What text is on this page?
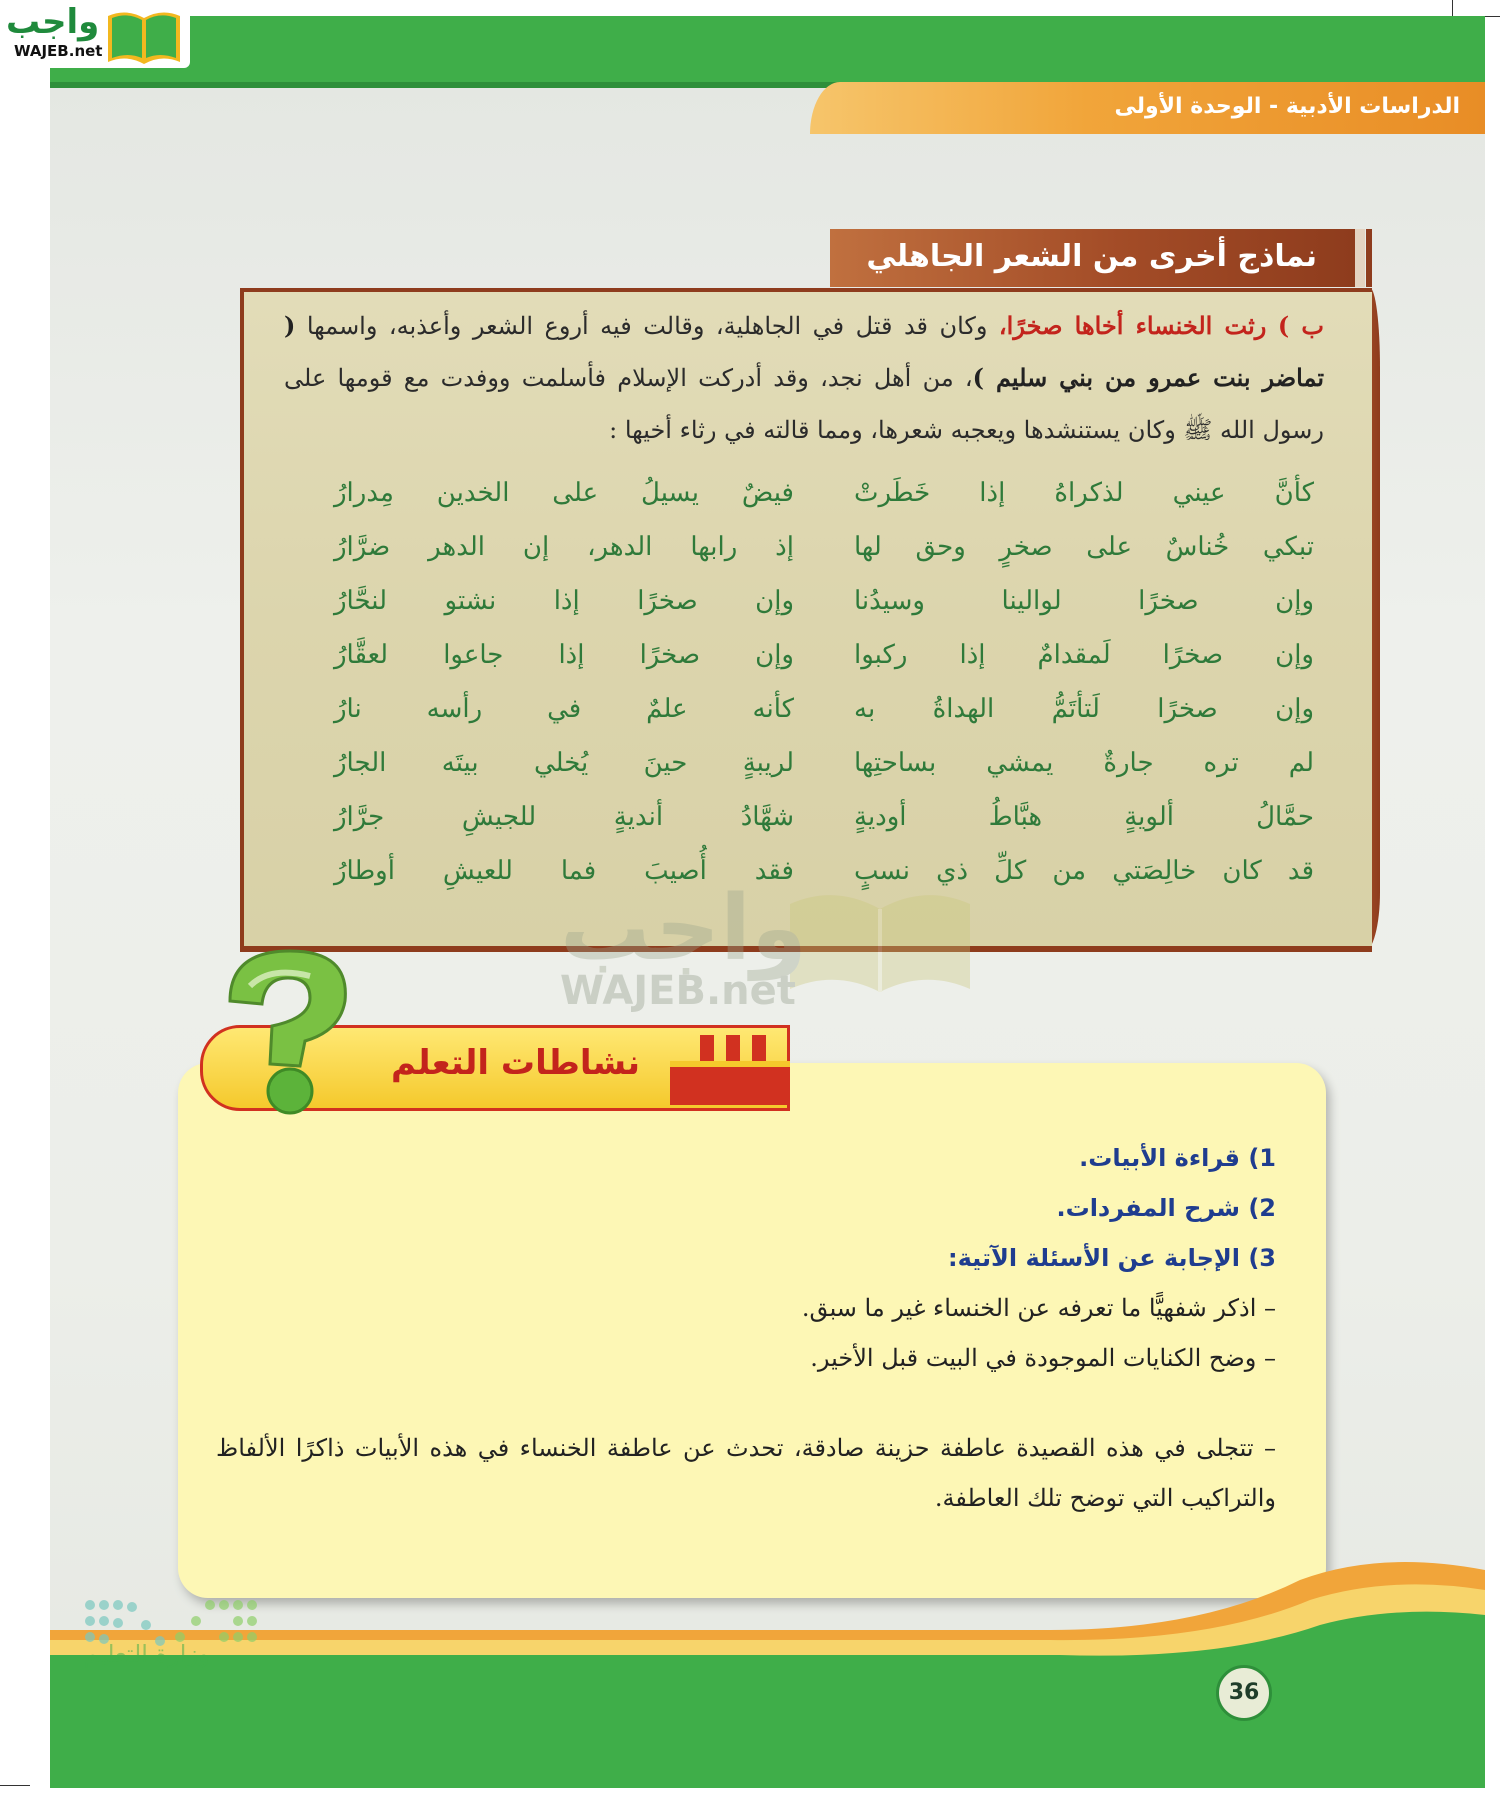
الدراسات الأدبية - الوحدة الأولى
نماذج أخرى من الشعر الجاهلي
ب ) رثت الخنساء أخاها صخرًا، وكان قد قتل في الجاهلية، وقالت فيه أروع الشعر وأعذبه، واسمها ( تماضر بنت عمرو من بني سليم )، من أهل نجد، وقد أدركت الإسلام فأسلمت ووفدت مع قومها على رسول الله ﷺ وكان يستنشدها ويعجبه شعرها، ومما قالته في رثاء أخيها :
كأنَّ عيني لذكراهُ إذا خَطَرتْ
فيضٌ يسيلُ على الخدين مِدرارُ
تبكي خُناسٌ على صخرٍ وحق لها
إذ رابها الدهر، إن الدهر ضرَّارُ
وإن صخرًا لوالينا وسيدُنا
وإن صخرًا إذا نشتو لنحَّارُ
وإن صخرًا لَمقدامٌ إذا ركبوا
وإن صخرًا إذا جاعوا لعقَّارُ
وإن صخرًا لَتأتَمُّ الهداةُ به
كأنه علمٌ في رأسه نارُ
لم تره جارةٌ يمشي بساحتِها
لريبةٍ حينَ يُخلي بيتَه الجارُ
حمَّالُ ألويةٍ هبَّاطُ أوديةٍ
شهَّادُ أنديةٍ للجيشِ جرَّارُ
قد كان خالِصَتي من كلِّ ذي نسبٍ
فقد أُصيبَ فما للعيشِ أوطارُ
واجب
WAJEB.net
واجب
WAJEB.net
1) قراءة الأبيات.
2) شرح المفردات.
3) الإجابة عن الأسئلة الآتية:
– اذكر شفهيًّا ما تعرفه عن الخنساء غير ما سبق.
– وضح الكنايات الموجودة في البيت قبل الأخير.
– تتجلى في هذه القصيدة عاطفة حزينة صادقة، تحدث عن عاطفة الخنساء في هذه الأبيات ذاكرًا الألفاظ والتراكيب التي توضح تلك العاطفة.
نشاطات التعلم
وزارة التعليم
36
